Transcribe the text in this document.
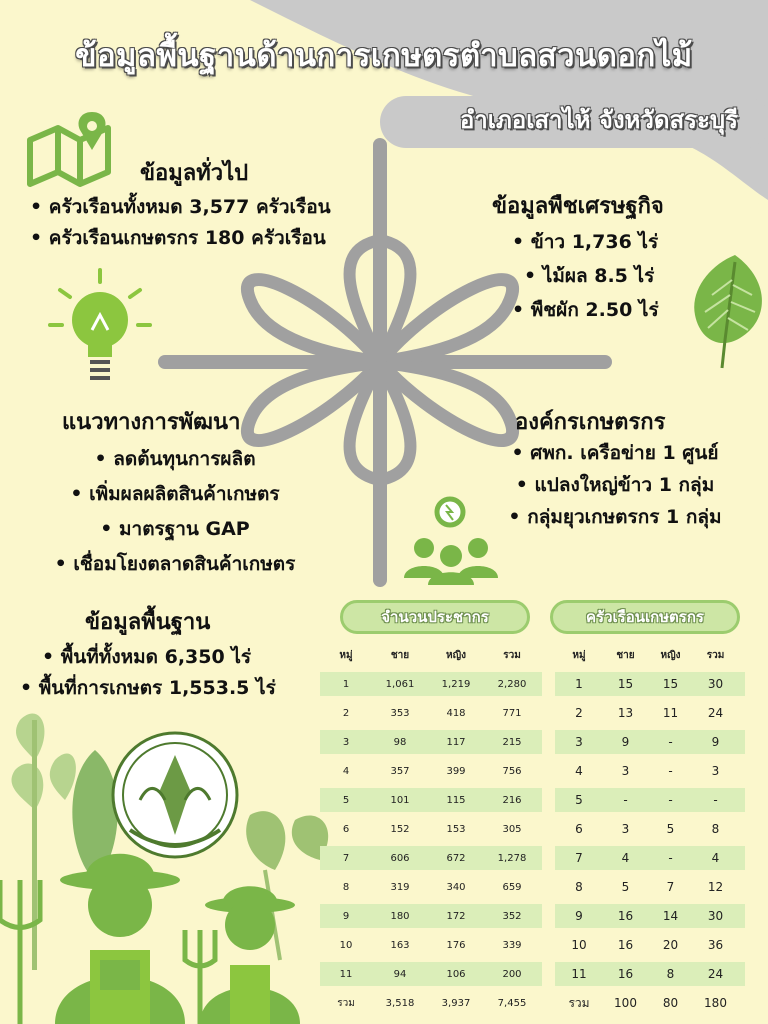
ข้อมูลพื้นฐานด้านการเกษตรตำบลสวนดอกไม้
อำเภอเสาไห้ จังหวัดสระบุรี
ข้อมูลทั่วไป
• ครัวเรือนทั้งหมด 3,577 ครัวเรือน
• ครัวเรือนเกษตรกร 180 ครัวเรือน
ข้อมูลพืชเศรษฐกิจ
• ข้าว 1,736 ไร่
• ไม้ผล 8.5 ไร่
• พืชผัก 2.50 ไร่
แนวทางการพัฒนา
• ลดต้นทุนการผลิต
• เพิ่มผลผลิตสินค้าเกษตร
• มาตรฐาน GAP
• เชื่อมโยงตลาดสินค้าเกษตร
องค์กรเกษตรกร
• ศพก. เครือข่าย 1 ศูนย์
• แปลงใหญ่ข้าว 1 กลุ่ม
• กลุ่มยุวเกษตรกร 1 กลุ่ม
ข้อมูลพื้นฐาน
• พื้นที่ทั้งหมด 6,350 ไร่
• พื้นที่การเกษตร 1,553.5 ไร่
จำนวนประชากร
หมู่	ชาย	หญิง	รวม
1	1,061	1,219	2,280
2	353	418	771
3	98	117	215
4	357	399	756
5	101	115	216
6	152	153	305
7	606	672	1,278
8	319	340	659
9	180	172	352
10	163	176	339
11	94	106	200
รวม	3,518	3,937	7,455
ครัวเรือนเกษตรกร
หมู่	ชาย	หญิง	รวม
1	15	15	30
2	13	11	24
3	9	-	9
4	3	-	3
5	-	-	-
6	3	5	8
7	4	-	4
8	5	7	12
9	16	14	30
10	16	20	36
11	16	8	24
รวม	100	80	180
